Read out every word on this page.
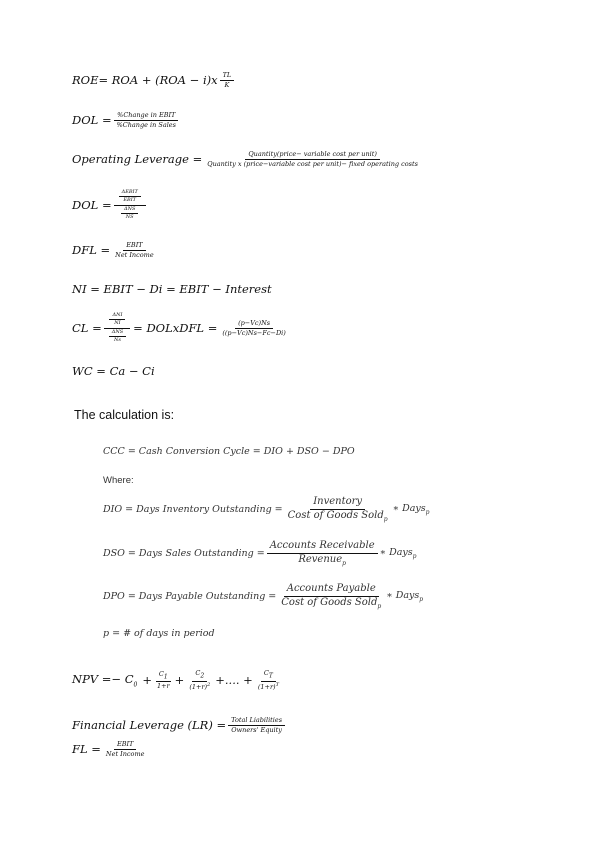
ROE = ROA + $(ROA - i)x \frac{TL}{K}$
DOL = $\frac{\text{\%Change in EBIT}}{\text{\%Change in Sales}}$
Operating Leverage =	Quantity(price− variable cost per unit)
Quantity x (price−variable cost per unit)− fixed operating costs
DOL = $\frac{\frac{\text{ΔEBIT}}{\text{EBIT}}}{\frac{\text{ΔNS}}{NS}}$
DFL = $\frac{\text{EBIT}}{\text{Net Income}}$
NI = EBIT − Di = EBIT − Interest
CL = $\frac{\frac{\text{ΔNI}}{NI}}{\frac{\text{ΔNS}}{Ns}}$ = DOLxDFL = $\frac{(p-Vc)Ns}{((p-Vc)Ns-Fc-Di)}$
WC = Ca − Ci
The calculation is:
CCC = Cash Conversion Cycle = DIO + DSO − DPO
Where:
DIO = Days Inventory Outstanding = $\frac{\text{Inventory}}{Cost of Goods Sold_p}$ ∗ Days$_p$
DSO = Days Sales Outstanding = $\frac{\text{Accounts Receivable}}{Revenue_p}$ ∗ Days$_p$
DPO = Days Payable Outstanding = $\frac{\text{Accounts Payable}}{Cost of Goods Sold_p}$ ∗ Days$_p$
p = # of days in period
NPV =− $C_0 + \frac{C_1}{1+r} + \frac{C_2}{(1+r)^2}$ +.... + $\frac{C_T}{(1+r)^T}$
Financial Leverage $(LR) = \frac{\text{Total Liabilities}}{\text{Owners' Equity}}$
FL = $\frac{\text{EBIT}}{\text{Net Income}}$
